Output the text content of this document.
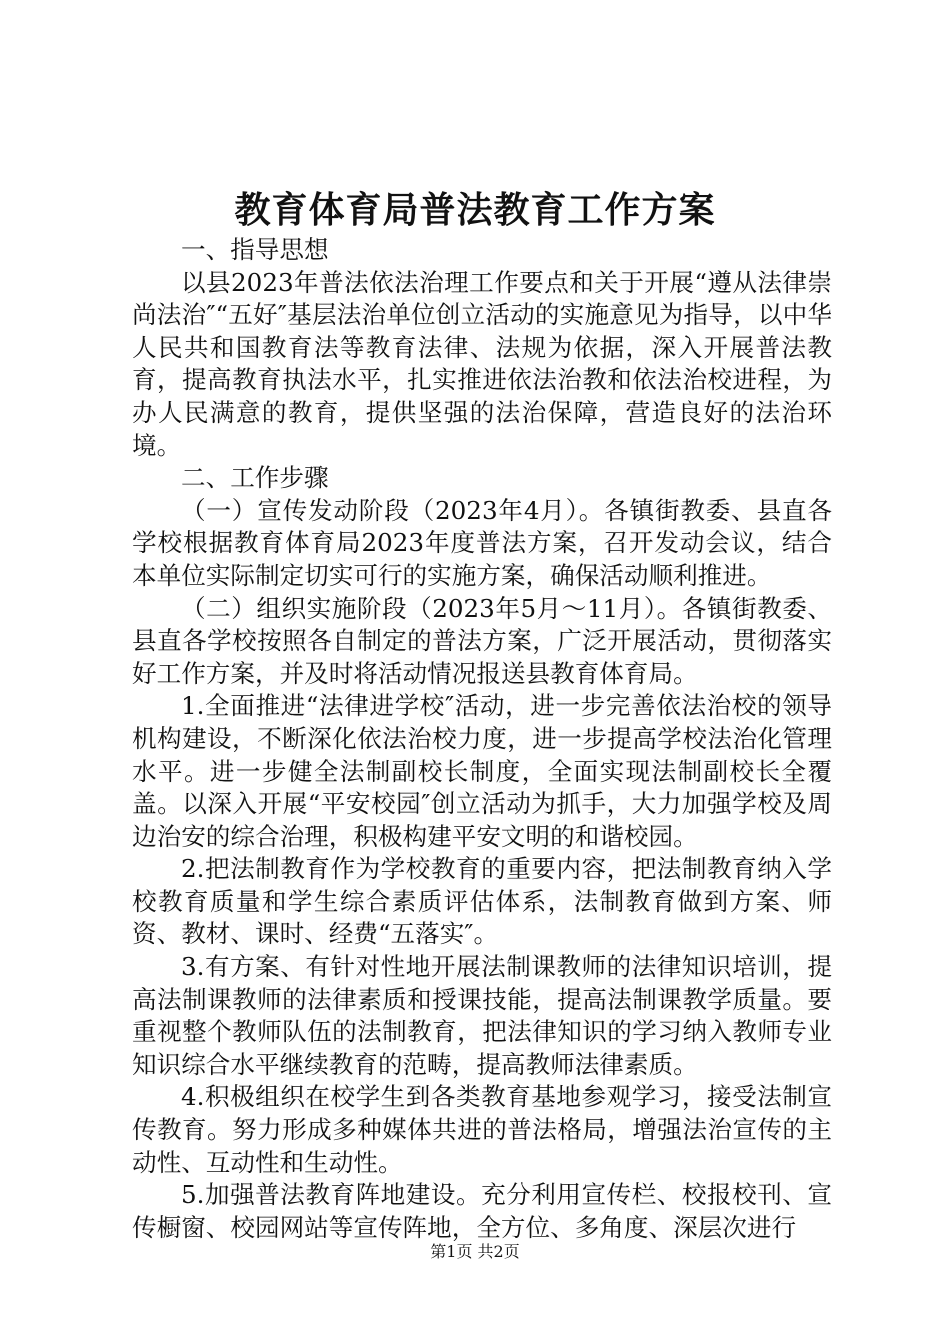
教育体育局普法教育工作方案

一、指导思想

以县2023年普法依法治理工作要点和关于开展“遵从法律崇尚法治″“五好″基层法治单位创立活动的实施意见为指导，以中华人民共和国教育法等教育法律、法规为依据，深入开展普法教育，提高教育执法水平，扎实推进依法治教和依法治校进程，为办人民满意的教育，提供坚强的法治保障，营造良好的法治环境。

二、工作步骤

（一）宣传发动阶段（2023年4月）。各镇街教委、县直各学校根据教育体育局2023年度普法方案，召开发动会议，结合本单位实际制定切实可行的实施方案，确保活动顺利推进。

（二）组织实施阶段（2023年5月～11月）。各镇街教委、县直各学校按照各自制定的普法方案，广泛开展活动，贯彻落实好工作方案，并及时将活动情况报送县教育体育局。

1.全面推进“法律进学校″活动，进一步完善依法治校的领导机构建设，不断深化依法治校力度，进一步提高学校法治化管理水平。进一步健全法制副校长制度，全面实现法制副校长全覆盖。以深入开展“平安校园″创立活动为抓手，大力加强学校及周边治安的综合治理，积极构建平安文明的和谐校园。

2.把法制教育作为学校教育的重要内容，把法制教育纳入学校教育质量和学生综合素质评估体系，法制教育做到方案、师资、教材、课时、经费“五落实″。

3.有方案、有针对性地开展法制课教师的法律知识培训，提高法制课教师的法律素质和授课技能，提高法制课教学质量。要重视整个教师队伍的法制教育，把法律知识的学习纳入教师专业知识综合水平继续教育的范畴，提高教师法律素质。

4.积极组织在校学生到各类教育基地参观学习，接受法制宣传教育。努力形成多种媒体共进的普法格局，增强法治宣传的主动性、互动性和生动性。

5.加强普法教育阵地建设。充分利用宣传栏、校报校刊、宣传橱窗、校园网站等宣传阵地，全方位、多角度、深层次进行

第1页 共2页
